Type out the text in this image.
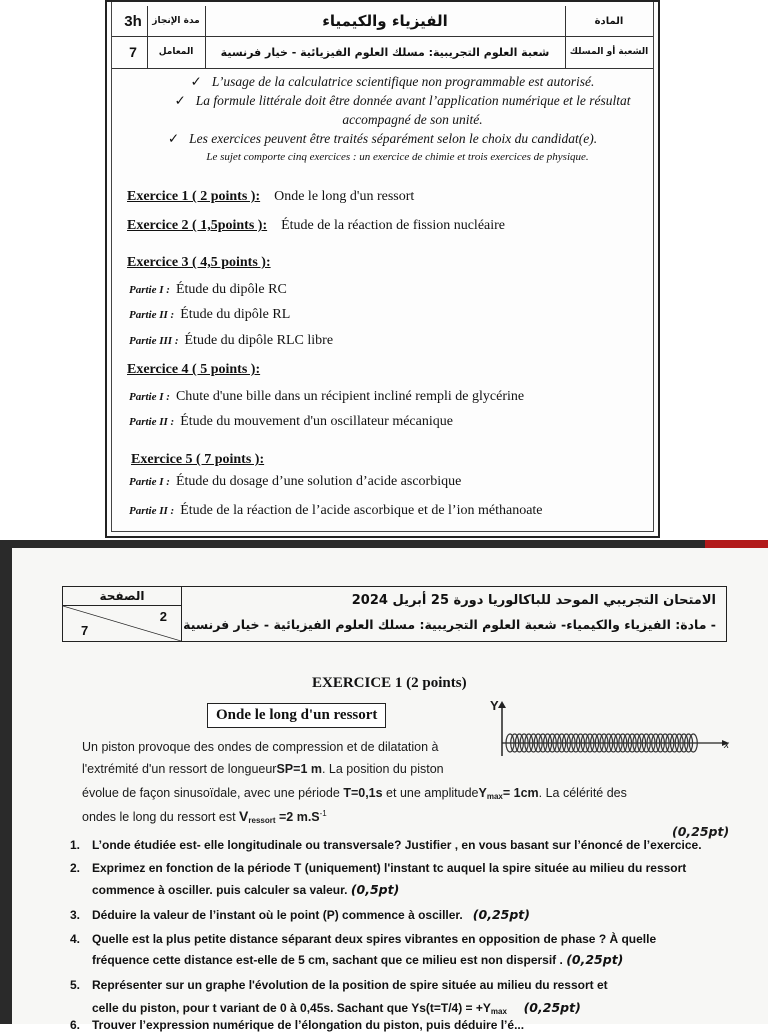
3h	مدة الإنجاز	الفيزياء والكيمياء	المادة
7	المعامل	شعبة العلوم التجريبية: مسلك العلوم الفيزيائية - خيار فرنسية	الشعبة أو المسلك
✓ L’usage de la calculatrice scientifique non programmable est autorisé.
✓ La formule littérale doit être donnée avant l’application numérique et le résultat
accompagné de son unité.
✓ Les exercices peuvent être traités séparément selon le choix du candidat(e).
Le sujet comporte cinq exercices : un exercice de chimie et trois exercices de physique.
Exercice 1 ( 2 points ): Onde le long d'un ressort
Exercice 2 ( 1,5points ): Étude de la réaction de fission nucléaire
Exercice 3 ( 4,5 points ):
Partie I : Étude du dipôle RC
Partie II : Étude du dipôle RL
Partie III : Étude du dipôle RLC libre
Exercice 4 ( 5 points ):
Partie I : Chute d'une bille dans un récipient incliné rempli de glycérine
Partie II : Étude du mouvement d'un oscillateur mécanique
Exercice 5 ( 7 points ):
Partie I : Étude du dosage d’une solution d’acide ascorbique
Partie II : Étude de la réaction de l’acide ascorbique et de l’ion méthanoate
الصفحة
2
7
الامتحان التجريبي الموحد للباكالوريا دورة 25 أبريل 2024
- مادة: الفيزياء والكيمياء- شعبة العلوم التجريبية: مسلك العلوم الفيزيائية - خيار فرنسية
EXERCICE 1 (2 points)
Onde le long d'un ressort
Y
x
Un piston provoque des ondes de compression et de dilatation à
l'extrémité d'un ressort de longueurSP=1 m. La position du piston
évolue de façon sinusoïdale, avec une période T=0,1s et une amplitudeY$_{max}$= 1cm. La célérité des
ondes le long du ressort est $V_{ressort} =2$ $m.S^{-1}$
(0,25pt)
1. L’onde étudiée est- elle longitudinale ou transversale? Justifier , en vous basant sur l’énoncé de l’exercice.
2. Exprimez en fonction de la période T (uniquement) l'instant tc auquel la spire située au milieu du ressort
commence à osciller. puis calculer sa valeur. (0,5pt)
3. Déduire la valeur de l’instant où le point (P) commence à osciller. (0,25pt)
4. Quelle est la plus petite distance séparant deux spires vibrantes en opposition de phase ? À quelle
fréquence cette distance est-elle de 5 cm, sachant que ce milieu est non dispersif . (0,25pt)
5. Représenter sur un graphe l'évolution de la position de spire située au milieu du ressort et
celle du piston, pour t variant de 0 à 0,45s. Sachant que $Ys(t=T/4) = +Y_{max}$ (0,25pt)
6. Trouver l’expression numérique de l’élongation du piston, puis déduire l’é...
